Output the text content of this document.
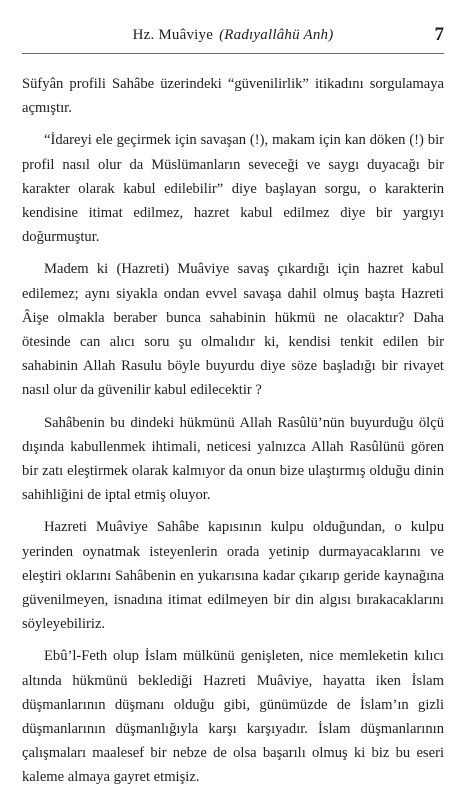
Hz. Muâviye (Radıyallâhü Anh)	7

Süfyân profili Sahâbe üzerindeki “güvenilirlik” itikadını sorgulamaya açmıştır.

“İdareyi ele geçirmek için savaşan (!), makam için kan döken (!) bir profil nasıl olur da Müslümanların seveceği ve saygı duyacağı bir karakter olarak kabul edilebilir” diye başlayan sorgu, o karakterin kendisine itimat edilmez, hazret kabul edilmez diye bir yargıyı doğurmuştur.

Madem ki (Hazreti) Muâviye savaş çıkardığı için hazret kabul edilemez; aynı siyakla ondan evvel savaşa dahil olmuş başta Hazreti Âişe olmakla beraber bunca sahabinin hükmü ne olacaktır? Daha ötesinde can alıcı soru şu olmalıdır ki, kendisi tenkit edilen bir sahabinin Allah Rasulu böyle buyurdu diye söze başladığı bir rivayet nasıl olur da güvenilir kabul edilecektir ?

Sahâbenin bu dindeki hükmünü Allah Rasûlü’nün buyurduğu ölçü dışında kabullenmek ihtimali, neticesi yalnızca Allah Rasûlünü gören bir zatı eleştirmek olarak kalmıyor da onun bize ulaştırmış olduğu dinin sahihliğini de iptal etmiş oluyor.

Hazreti Muâviye Sahâbe kapısının kulpu olduğundan, o kulpu yerinden oynatmak isteyenlerin orada yetinip durmayacaklarını ve eleştiri oklarını Sahâbenin en yukarısına kadar çıkarıp geride kaynağına güvenilmeyen, isnadına itimat edilmeyen bir din algısı bırakacaklarını söyleyebiliriz.

Ebû’l-Feth olup İslam mülkünü genişleten, nice memleketin kılıcı altında hükmünü beklediği Hazreti Muâviye, hayatta iken İslam düşmanlarının düşmanı olduğu gibi, günümüzde de İslam’ın gizli düşmanlarının düşmanlığıyla karşı karşıyadır. İslam düşmanlarının çalışmaları maalesef bir nebze de olsa başarılı olmuş ki biz bu eseri kaleme almaya gayret etmişiz.
